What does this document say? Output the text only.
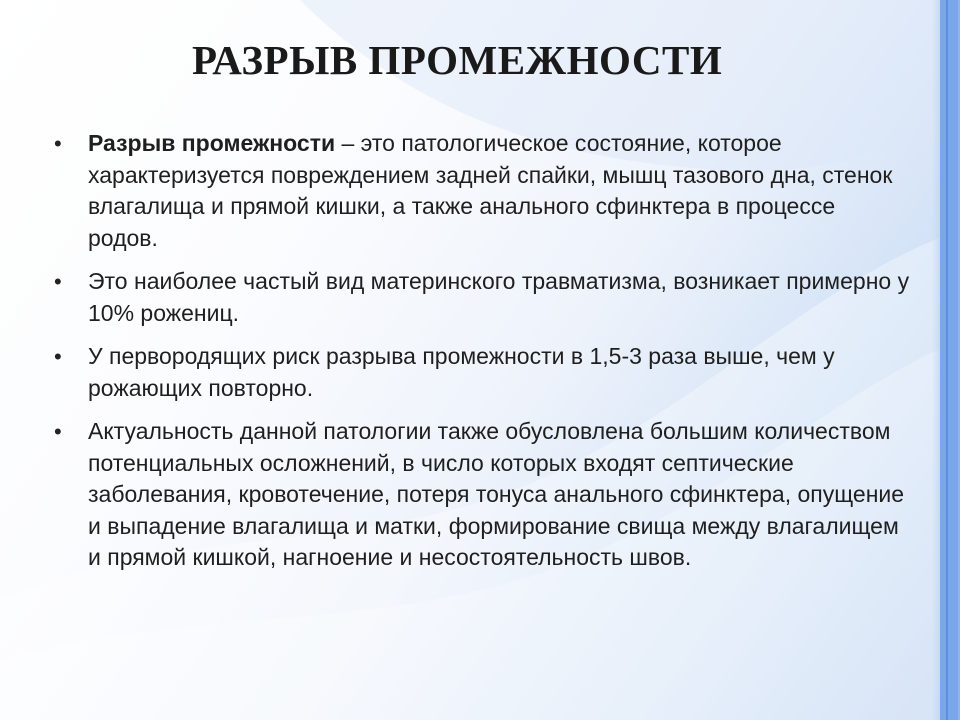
РАЗРЫВ ПРОМЕЖНОСТИ
• Разрыв промежности – это патологическое состояние, которое характеризуется повреждением задней спайки, мышц тазового дна, стенок влагалища и прямой кишки, а также анального сфинктера в процессе родов.
• Это наиболее частый вид материнского травматизма, возникает примерно у 10% рожениц.
• У первородящих риск разрыва промежности в 1,5-3 раза выше, чем у рожающих повторно.
• Актуальность данной патологии также обусловлена большим количеством потенциальных осложнений, в число которых входят септические заболевания, кровотечение, потеря тонуса анального сфинктера, опущение и выпадение влагалища и матки, формирование свища между влагалищем и прямой кишкой, нагноение и несостоятельность швов.
